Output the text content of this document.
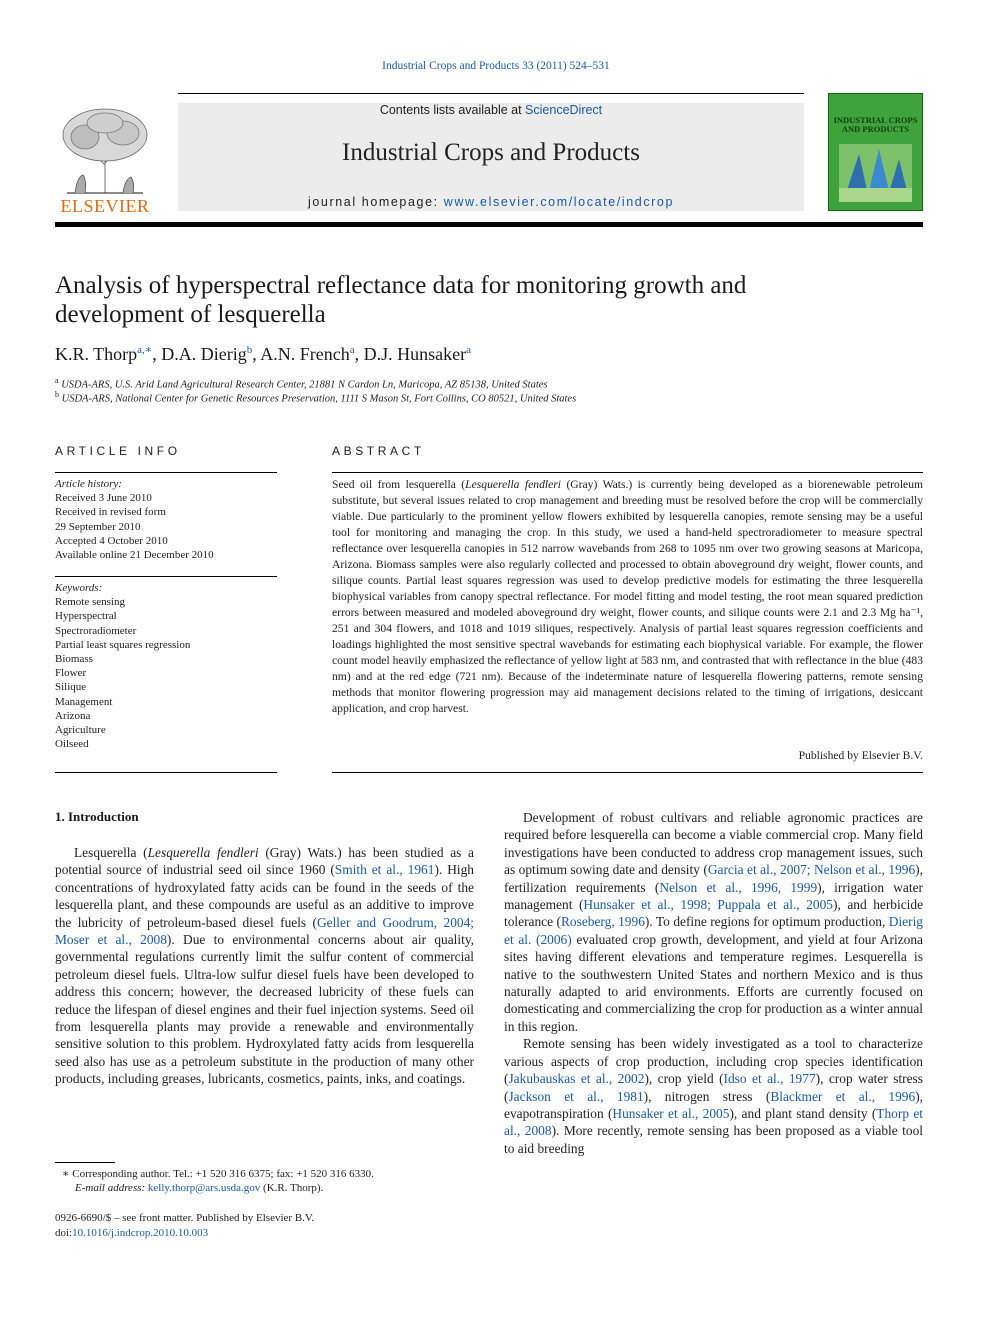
Industrial Crops and Products 33 (2011) 524–531
ELSEVIER
Contents lists available at ScienceDirect
Industrial Crops and Products
journal homepage: www.elsevier.com/locate/indcrop
INDUSTRIAL CROPS AND PRODUCTS
Analysis of hyperspectral reflectance data for monitoring growth and development of lesquerella
K.R. Thorp$^{a,∗}$, D.A. Dierig$^b$, A.N. French$^a$, D.J. Hunsaker$^a$
$^a$ USDA-ARS, U.S. Arid Land Agricultural Research Center, 21881 N Cardon Ln, Maricopa, AZ 85138, United States
$^b$ USDA-ARS, National Center for Genetic Resources Preservation, 1111 S Mason St, Fort Collins, CO 80521, United States
ARTICLE INFO
Article history:
Received 3 June 2010
Received in revised form
29 September 2010
Accepted 4 October 2010
Available online 21 December 2010
Keywords:
Remote sensing
Hyperspectral
Spectroradiometer
Partial least squares regression
Biomass
Flower
Silique
Management
Arizona
Agriculture
Oilseed
ABSTRACT
Seed oil from lesquerella (Lesquerella fendleri (Gray) Wats.) is currently being developed as a biorenewable petroleum substitute, but several issues related to crop management and breeding must be resolved before the crop will be commercially viable. Due particularly to the prominent yellow flowers exhibited by lesquerella canopies, remote sensing may be a useful tool for monitoring and managing the crop. In this study, we used a hand-held spectroradiometer to measure spectral reflectance over lesquerella canopies in 512 narrow wavebands from 268 to 1095 nm over two growing seasons at Maricopa, Arizona. Biomass samples were also regularly collected and processed to obtain aboveground dry weight, flower counts, and silique counts. Partial least squares regression was used to develop predictive models for estimating the three lesquerella biophysical variables from canopy spectral reflectance. For model fitting and model testing, the root mean squared prediction errors between measured and modeled aboveground dry weight, flower counts, and silique counts were 2.1 and 2.3 Mg ha⁻¹, 251 and 304 flowers, and 1018 and 1019 siliques, respectively. Analysis of partial least squares regression coefficients and loadings highlighted the most sensitive spectral wavebands for estimating each biophysical variable. For example, the flower count model heavily emphasized the reflectance of yellow light at 583 nm, and contrasted that with reflectance in the blue (483 nm) and at the red edge (721 nm). Because of the indeterminate nature of lesquerella flowering patterns, remote sensing methods that monitor flowering progression may aid management decisions related to the timing of irrigations, desiccant application, and crop harvest.
Published by Elsevier B.V.
1. Introduction

Lesquerella (Lesquerella fendleri (Gray) Wats.) has been studied as a potential source of industrial seed oil since 1960 (Smith et al., 1961). High concentrations of hydroxylated fatty acids can be found in the seeds of the lesquerella plant, and these compounds are useful as an additive to improve the lubricity of petroleum-based diesel fuels (Geller and Goodrum, 2004; Moser et al., 2008). Due to environmental concerns about air quality, governmental regulations currently limit the sulfur content of commercial petroleum diesel fuels. Ultra-low sulfur diesel fuels have been developed to address this concern; however, the decreased lubricity of these fuels can reduce the lifespan of diesel engines and their fuel injection systems. Seed oil from lesquerella plants may provide a renewable and environmentally sensitive solution to this problem. Hydroxylated fatty acids from lesquerella seed also has use as a petroleum substitute in the production of many other products, including greases, lubricants, cosmetics, paints, inks, and coatings.

Development of robust cultivars and reliable agronomic practices are required before lesquerella can become a viable commercial crop. Many field investigations have been conducted to address crop management issues, such as optimum sowing date and density (Garcia et al., 2007; Nelson et al., 1996), fertilization requirements (Nelson et al., 1996, 1999), irrigation water management (Hunsaker et al., 1998; Puppala et al., 2005), and herbicide tolerance (Roseberg, 1996). To define regions for optimum production, Dierig et al. (2006) evaluated crop growth, development, and yield at four Arizona sites having different elevations and temperature regimes. Lesquerella is native to the southwestern United States and northern Mexico and is thus naturally adapted to arid environments. Efforts are currently focused on domesticating and commercializing the crop for production as a winter annual in this region.

Remote sensing has been widely investigated as a tool to characterize various aspects of crop production, including crop species identification (Jakubauskas et al., 2002), crop yield (Idso et al., 1977), crop water stress (Jackson et al., 1981), nitrogen stress (Blackmer et al., 1996), evapotranspiration (Hunsaker et al., 2005), and plant stand density (Thorp et al., 2008). More recently, remote sensing has been proposed as a viable tool to aid breeding

∗ Corresponding author. Tel.: +1 520 316 6375; fax: +1 520 316 6330.
E-mail address: kelly.thorp@ars.usda.gov (K.R. Thorp).
0926-6690/$ – see front matter. Published by Elsevier B.V.
doi:10.1016/j.indcrop.2010.10.003
